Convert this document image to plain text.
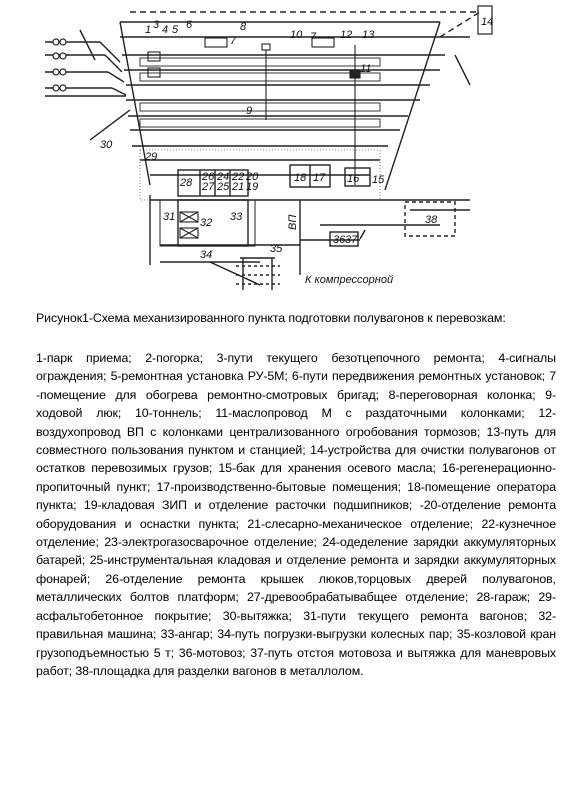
1 3 4 5 6
7
8
10 7 12 13
14
11
9
30
29
28 26
27
24
25
22
21
20
19
18 17 16 15
31 32 33
34	35
36 37
38
ВП
К компрессорной
Рисунок1-Схема механизированного пункта подготовки полувагонов к перевозкам:
1-парк приема; 2-погорка; 3-пути текущего безотцепочного ремонта; 4-сигналы ограждения; 5-ремонтная установка РУ-5М; 6-пути передвижения ремонтных установок; 7 -помещение для обогрева ремонтно-смотровых бригад; 8-переговорная колонка; 9-ходовой люк; 10-тоннель; 11-маслопровод М с раздаточными колонками; 12-воздухопровод ВП с колонками централизованного огробования тормозов; 13-путь для совместного пользования пунктом и станцией; 14-устройства для очистки полувагонов от остатков перевозимых грузов; 15-бак для хранения осевого масла; 16-регенерационно-пропиточный пункт; 17-производственно-бытовые помещения; 18-помещение оператора пункта; 19-кладовая ЗИП и отделение расточки подшипников; -20-отделение ремонта оборудования и оснастки пункта; 21-слесарно-механическое отделение; 22-кузнечное отделение; 23-электрогазосварочное отделение; 24-одеделение зарядки аккумуляторных батарей; 25-инструментальная кладовая и отделение ремонта и зарядки аккумуляторных фонарей; 26-отделение ремонта крышек люков,торцовых дверей полувагонов, металлических болтов платформ; 27-древообрабатывабщее отделение; 28-гараж; 29-асфальтобетонное покрытие; 30-вытяжка; 31-пути текущего ремонта вагонов; 32-правильная машина; 33-ангар; 34-путь погрузки-выгрузки колесных пар; 35-козловой кран грузоподъемностью 5 т; 36-мотовоз; 37-путь отстоя мотовоза и вытяжка для маневровых работ; 38-площадка для разделки вагонов в металлолом.
